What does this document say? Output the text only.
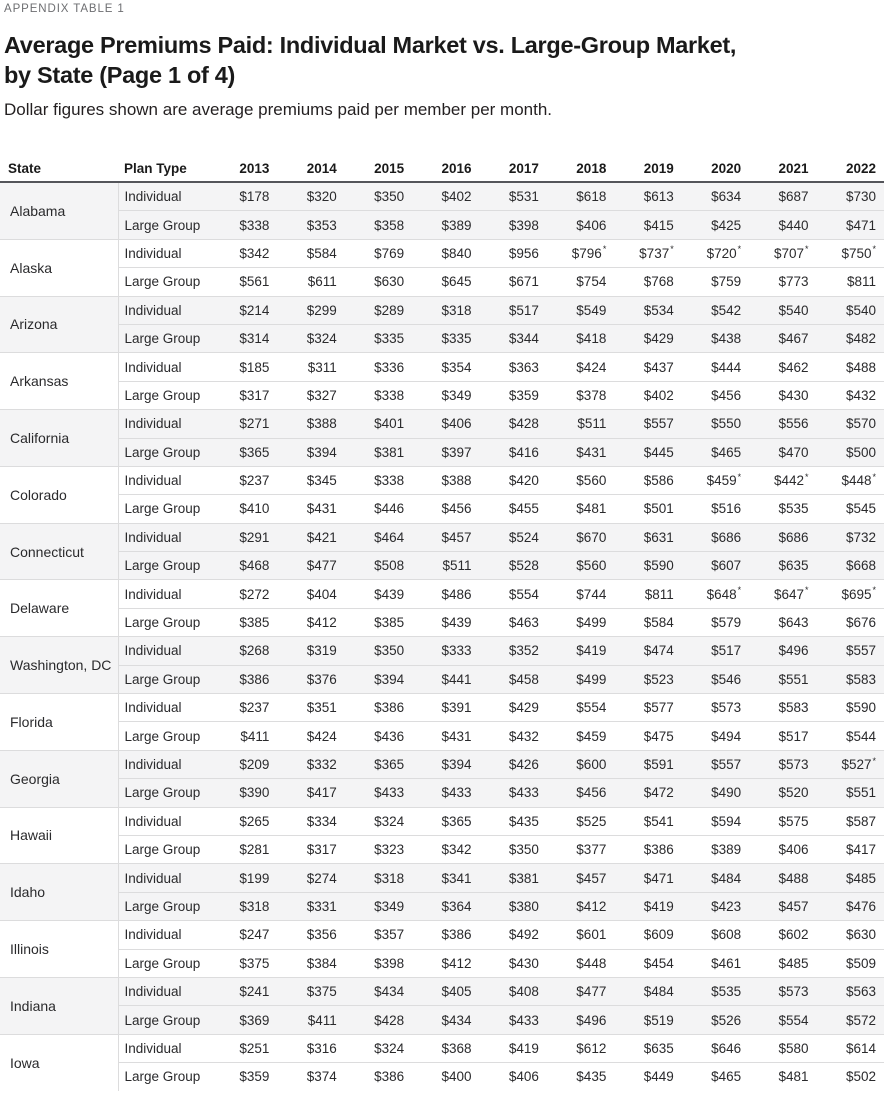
APPENDIX TABLE 1
Average Premiums Paid: Individual Market vs. Large-Group Market,
by State (Page 1 of 4)

Dollar figures shown are average premiums paid per member per month.

State	Plan Type	2013	2014	2015	2016	2017	2018	2019	2020	2021	2022
Alabama	Individual	$178	$320	$350	$402	$531	$618	$613	$634	$687	$730
	Large Group	$338	$353	$358	$389	$398	$406	$415	$425	$440	$471
Alaska	Individual	$342	$584	$769	$840	$956	$796*	$737*	$720*	$707*	$750*
	Large Group	$561	$611	$630	$645	$671	$754	$768	$759	$773	$811
Arizona	Individual	$214	$299	$289	$318	$517	$549	$534	$542	$540	$540
	Large Group	$314	$324	$335	$335	$344	$418	$429	$438	$467	$482
Arkansas	Individual	$185	$311	$336	$354	$363	$424	$437	$444	$462	$488
	Large Group	$317	$327	$338	$349	$359	$378	$402	$456	$430	$432
California	Individual	$271	$388	$401	$406	$428	$511	$557	$550	$556	$570
	Large Group	$365	$394	$381	$397	$416	$431	$445	$465	$470	$500
Colorado	Individual	$237	$345	$338	$388	$420	$560	$586	$459*	$442*	$448*
	Large Group	$410	$431	$446	$456	$455	$481	$501	$516	$535	$545
Connecticut	Individual	$291	$421	$464	$457	$524	$670	$631	$686	$686	$732
	Large Group	$468	$477	$508	$511	$528	$560	$590	$607	$635	$668
Delaware	Individual	$272	$404	$439	$486	$554	$744	$811	$648*	$647*	$695*
	Large Group	$385	$412	$385	$439	$463	$499	$584	$579	$643	$676
Washington, DC	Individual	$268	$319	$350	$333	$352	$419	$474	$517	$496	$557
	Large Group	$386	$376	$394	$441	$458	$499	$523	$546	$551	$583
Florida	Individual	$237	$351	$386	$391	$429	$554	$577	$573	$583	$590
	Large Group	$411	$424	$436	$431	$432	$459	$475	$494	$517	$544
Georgia	Individual	$209	$332	$365	$394	$426	$600	$591	$557	$573	$527*
	Large Group	$390	$417	$433	$433	$433	$456	$472	$490	$520	$551
Hawaii	Individual	$265	$334	$324	$365	$435	$525	$541	$594	$575	$587
	Large Group	$281	$317	$323	$342	$350	$377	$386	$389	$406	$417
Idaho	Individual	$199	$274	$318	$341	$381	$457	$471	$484	$488	$485
	Large Group	$318	$331	$349	$364	$380	$412	$419	$423	$457	$476
Illinois	Individual	$247	$356	$357	$386	$492	$601	$609	$608	$602	$630
	Large Group	$375	$384	$398	$412	$430	$448	$454	$461	$485	$509
Indiana	Individual	$241	$375	$434	$405	$408	$477	$484	$535	$573	$563
	Large Group	$369	$411	$428	$434	$433	$496	$519	$526	$554	$572
Iowa	Individual	$251	$316	$324	$368	$419	$612	$635	$646	$580	$614
	Large Group	$359	$374	$386	$400	$406	$435	$449	$465	$481	$502
